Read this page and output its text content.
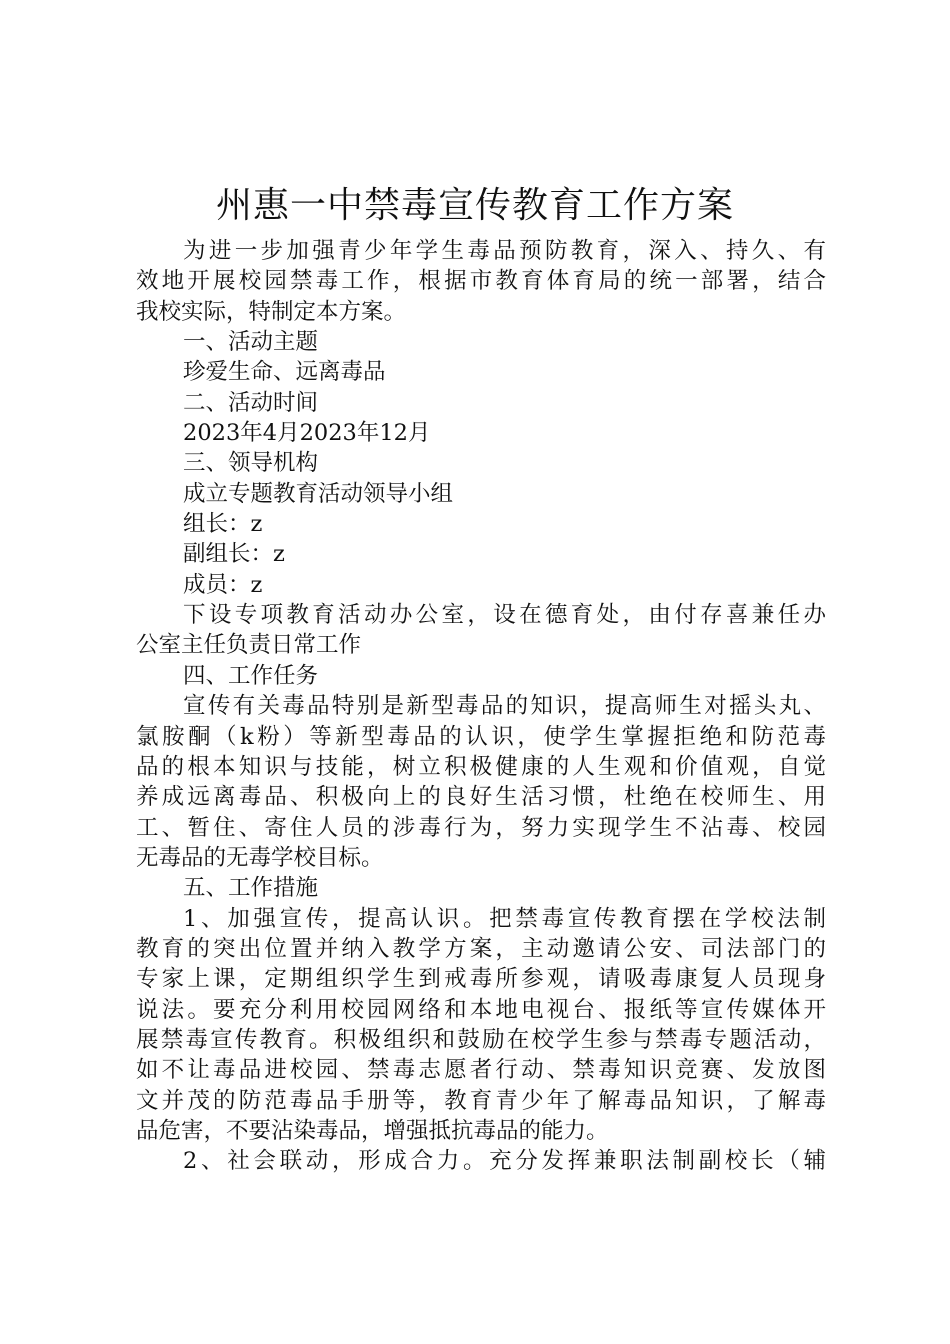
州惠一中禁毒宣传教育工作方案
为进一步加强青少年学生毒品预防教育，深入、持久、有
效地开展校园禁毒工作，根据市教育体育局的统一部署，结合
我校实际，特制定本方案。
一、活动主题
珍爱生命、远离毒品
二、活动时间
2023年4月2023年12月
三、领导机构
成立专题教育活动领导小组
组长：z
副组长：z
成员：z
下设专项教育活动办公室，设在德育处，由付存喜兼任办
公室主任负责日常工作
四、工作任务
宣传有关毒品特别是新型毒品的知识，提高师生对摇头丸、
氯胺酮（k粉）等新型毒品的认识，使学生掌握拒绝和防范毒
品的根本知识与技能，树立积极健康的人生观和价值观，自觉
养成远离毒品、积极向上的良好生活习惯，杜绝在校师生、用
工、暂住、寄住人员的涉毒行为，努力实现学生不沾毒、校园
无毒品的无毒学校目标。
五、工作措施
1、加强宣传，提高认识。把禁毒宣传教育摆在学校法制
教育的突出位置并纳入教学方案，主动邀请公安、司法部门的
专家上课，定期组织学生到戒毒所参观，请吸毒康复人员现身
说法。要充分利用校园网络和本地电视台、报纸等宣传媒体开
展禁毒宣传教育。积极组织和鼓励在校学生参与禁毒专题活动，
如不让毒品进校园、禁毒志愿者行动、禁毒知识竞赛、发放图
文并茂的防范毒品手册等，教育青少年了解毒品知识，了解毒
品危害，不要沾染毒品，增强抵抗毒品的能力。
2、社会联动，形成合力。充分发挥兼职法制副校长（辅
